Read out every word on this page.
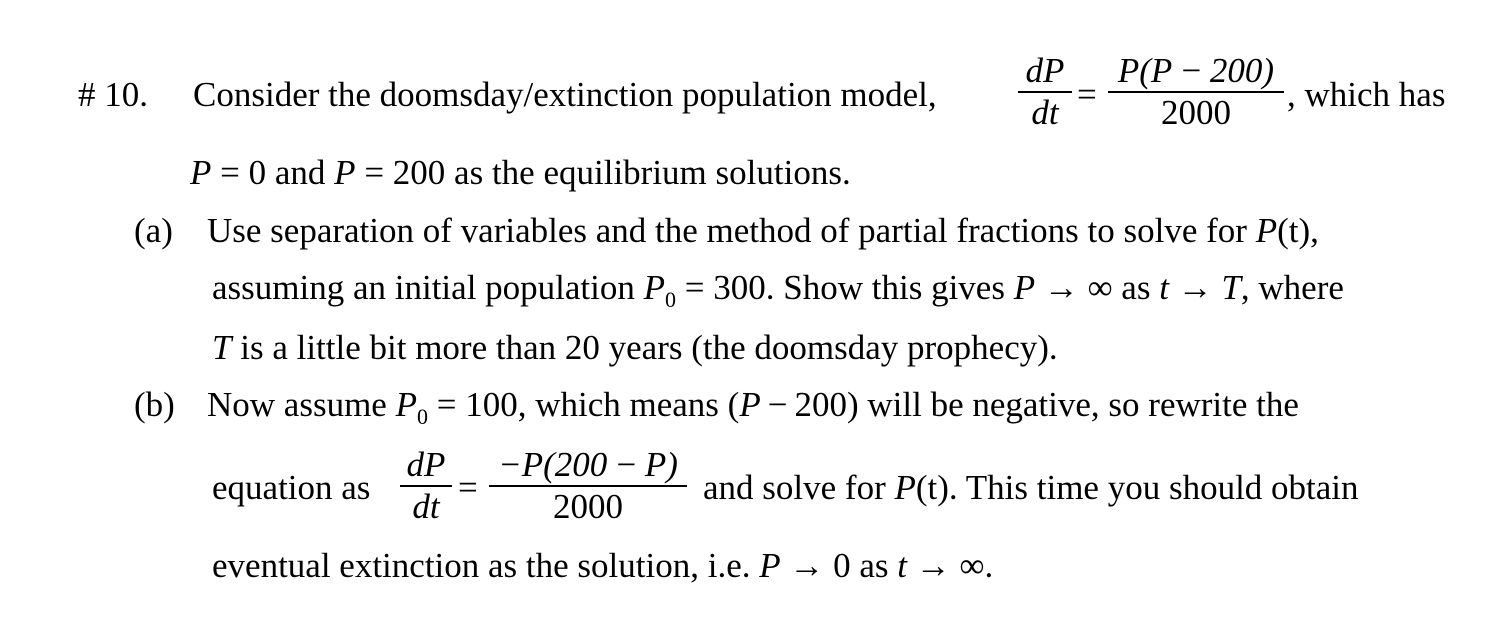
# 10. Consider the doomsday/extinction population model,
dP
dt =
P(P − 200)
2000	, which has
P = 0 and P = 200 as the equilibrium solutions.
(a) Use separation of variables and the method of partial fractions to solve for P(t),
assuming an initial population $P_0 = 300$. Show this gives P → ∞ as t → T, where
T is a little bit more than 20 years (the doomsday prophecy).
(b) Now assume $P_0 = 100$, which means (P − 200) will be negative, so rewrite the
equation as
dP
dt =
−P(200 − P)
2000	and solve for P(t). This time you should obtain
eventual extinction as the solution, i.e. P → 0 as t → ∞.
